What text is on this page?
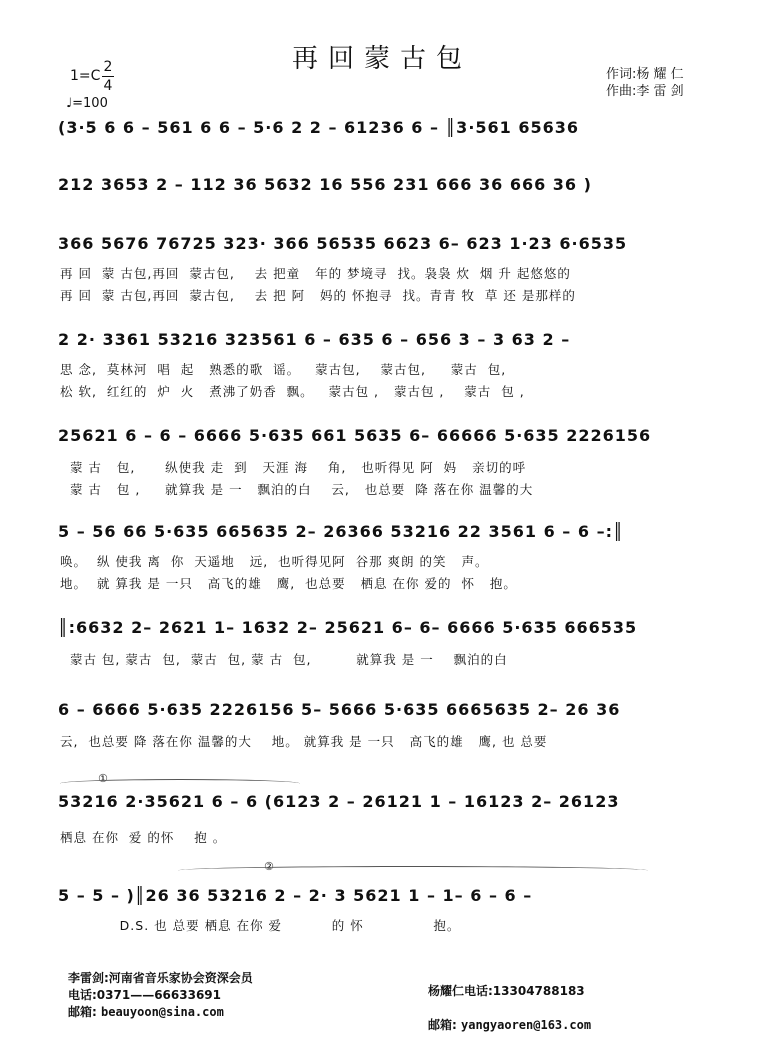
再回蒙古包
1=C
2
4
♩=100
作词:杨 耀 仁
作曲:李 雷 剑
(3·5 6 6 – 561 6 6 – 5·6 2 2 – 61236 6 – ║3·561 65636
212 3653 2 – 112 36 5632 16 556 231 666 36 666 36 )
366 5676 76725 323· 366 56535 6623 6– 623 1·23 6·6535
再 回  蒙 古包,再回  蒙古包,    去 把童   年的 梦境寻  找。袅袅 炊  烟 升 起悠悠的
再 回  蒙 古包,再回  蒙古包,    去 把 阿   妈的 怀抱寻  找。青青 牧  草 还 是那样的
2 2· 3361 53216 323561 6 – 635 6 – 656 3 – 3 63 2 –
思 念,  莫林河  唱  起   熟悉的歌  谣。   蒙古包,    蒙古包,     蒙古  包,
松 软,  红红的  炉  火   煮沸了奶香  飘。   蒙古包 ,   蒙古包 ,    蒙古  包 ,
25621 6 – 6 – 6666 5·635 661 5635 6– 66666 5·635 2226156
蒙 古   包,      纵使我 走  到   天涯 海    角,   也听得见 阿  妈   亲切的呼
蒙 古   包 ,     就算我 是 一   飘泊的白    云,   也总要  降 落在你 温馨的大
5 – 56 66 5·635 665635 2– 26366 53216 22 3561 6 – 6 –:║
唤。  纵 使我 离  你  天遥地   远,  也听得见阿  谷那 爽朗 的笑   声。
地。  就 算我 是 一只   高飞的雄   鹰,  也总要   栖息 在你 爱的  怀   抱。
║:6632 2– 2621 1– 1632 2– 25621 6– 6– 6666 5·635 666535
蒙古 包, 蒙古  包,  蒙古  包, 蒙 古  包,         就算我 是 一    飘泊的白
6 – 6666 5·635 2226156 5– 5666 5·635 6665635 2– 26 36
云,  也总要 降 落在你 温馨的大    地。 就算我 是 一只   高飞的雄   鹰, 也 总要
①
53216 2·35621 6 – 6 (6123 2 – 26121 1 – 16123 2– 26123
栖息 在你  爱 的怀    抱 。
②
5 – 5 – )║26 36 53216 2 – 2· 3 5621 1 – 1– 6 – 6 –
D.S. 也 总要 栖息 在你 爱          的 怀              抱。
李雷剑:河南省音乐家协会资深会员
电话:0371——66633691
邮箱: beauyoon@sina.com
杨耀仁电话:13304788183
邮箱: yangyaoren@163.com
